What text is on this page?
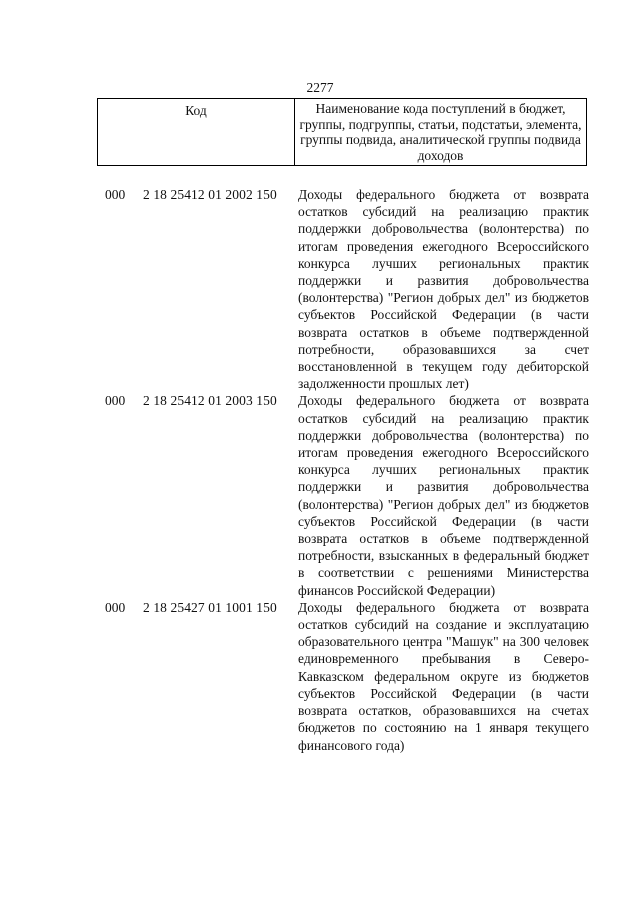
2277
Код	Наименование кода поступлений в бюджет, группы, подгруппы, статьи, подстатьи, элемента, группы подвида, аналитической группы подвида доходов
000	2 18 25412 01 2002 150	Доходы федерального бюджета от возврата остатков субсидий на реализацию практик поддержки добровольчества (волонтерства) по итогам проведения ежегодного Всероссийского конкурса лучших региональных практик поддержки и развития добровольчества (волонтерства) "Регион добрых дел" из бюджетов субъектов Российской Федерации (в части возврата остатков в объеме подтвержденной потребности, образовавшихся за счет восстановленной в текущем году дебиторской задолженности прошлых лет)
000	2 18 25412 01 2003 150	Доходы федерального бюджета от возврата остатков субсидий на реализацию практик поддержки добровольчества (волонтерства) по итогам проведения ежегодного Всероссийского конкурса лучших региональных практик поддержки и развития добровольчества (волонтерства) "Регион добрых дел" из бюджетов субъектов Российской Федерации (в части возврата остатков в объеме подтвержденной потребности, взысканных в федеральный бюджет в соответствии с решениями Министерства финансов Российской Федерации)
000	2 18 25427 01 1001 150	Доходы федерального бюджета от возврата остатков субсидий на создание и эксплуатацию образовательного центра "Машук" на 300 человек единовременного пребывания в Северо-Кавказском федеральном округе из бюджетов субъектов Российской Федерации (в части возврата остатков, образовавшихся на счетах бюджетов по состоянию на 1 января текущего финансового года)
